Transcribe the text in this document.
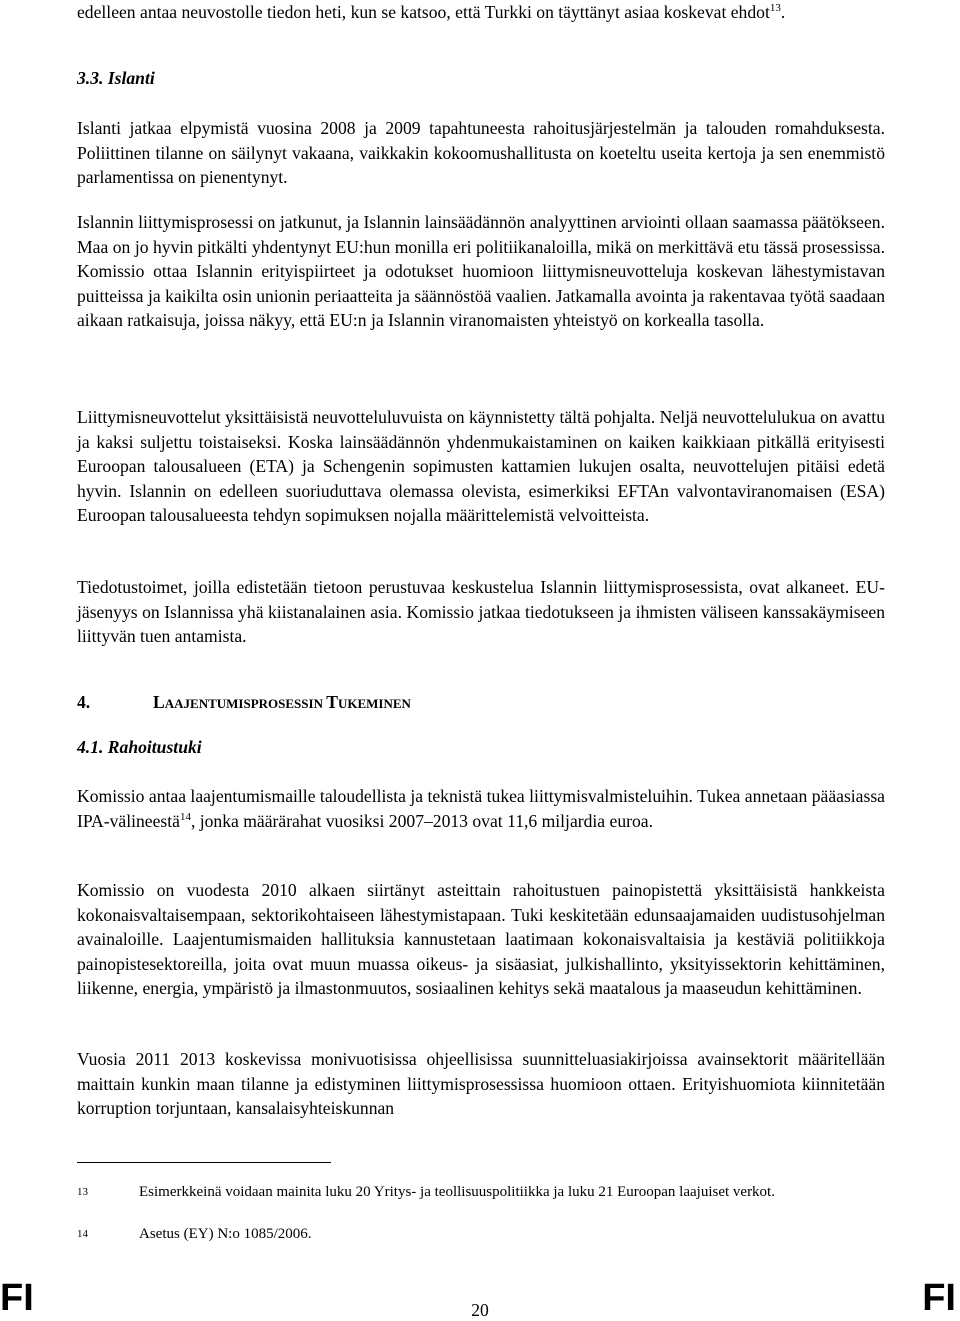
edelleen antaa neuvostolle tiedon heti, kun se katsoo, että Turkki on täyttänyt asiaa koskevat ehdot$^{13}$.

3.3. Islanti

Islanti jatkaa elpymistä vuosina 2008 ja 2009 tapahtuneesta rahoitusjärjestelmän ja talouden romahduksesta. Poliittinen tilanne on säilynyt vakaana, vaikkakin kokoomushallitusta on koeteltu useita kertoja ja sen enemmistö parlamentissa on pienentynyt.

Islannin liittymisprosessi on jatkunut, ja Islannin lainsäädännön analyyttinen arviointi ollaan saamassa päätökseen. Maa on jo hyvin pitkälti yhdentynyt EU:hun monilla eri politiikanaloilla, mikä on merkittävä etu tässä prosessissa. Komissio ottaa Islannin erityispiirteet ja odotukset huomioon liittymisneuvotteluja koskevan lähestymistavan puitteissa ja kaikilta osin unionin periaatteita ja säännöstöä vaalien. Jatkamalla avointa ja rakentavaa työtä saadaan aikaan ratkaisuja, joissa näkyy, että EU:n ja Islannin viranomaisten yhteistyö on korkealla tasolla.

Liittymisneuvottelut yksittäisistä neuvotteluluvuista on käynnistetty tältä pohjalta. Neljä neuvottelulukua on avattu ja kaksi suljettu toistaiseksi. Koska lainsäädännön yhdenmukaistaminen on kaiken kaikkiaan pitkällä erityisesti Euroopan talousalueen (ETA) ja Schengenin sopimusten kattamien lukujen osalta, neuvottelujen pitäisi edetä hyvin. Islannin on edelleen suoriuduttava olemassa olevista, esimerkiksi EFTAn valvontaviranomaisen (ESA) Euroopan talousalueesta tehdyn sopimuksen nojalla määrittelemistä velvoitteista.

Tiedotustoimet, joilla edistetään tietoon perustuvaa keskustelua Islannin liittymisprosessista, ovat alkaneet. EU-jäsenyys on Islannissa yhä kiistanalainen asia. Komissio jatkaa tiedotukseen ja ihmisten väliseen kanssakäymiseen liittyvän tuen antamista.

4.	LAAJENTUMISPROSESSIN TUKEMINEN

4.1. Rahoitustuki

Komissio antaa laajentumismaille taloudellista ja teknistä tukea liittymisvalmisteluihin. Tukea annetaan pääasiassa IPA-välineestä$^{14}$, jonka määrärahat vuosiksi 2007–2013 ovat 11,6 miljardia euroa.

Komissio on vuodesta 2010 alkaen siirtänyt asteittain rahoitustuen painopistettä yksittäisistä hankkeista kokonaisvaltaisempaan, sektorikohtaiseen lähestymistapaan. Tuki keskitetään edunsaajamaiden uudistusohjelman avainaloille. Laajentumismaiden hallituksia kannustetaan laatimaan kokonaisvaltaisia ja kestäviä politiikkoja painopistesektoreilla, joita ovat muun muassa oikeus- ja sisäasiat, julkishallinto, yksityissektorin kehittäminen, liikenne, energia, ympäristö ja ilmastonmuutos, sosiaalinen kehitys sekä maatalous ja maaseudun kehittäminen.

Vuosia 2011 2013 koskevissa monivuotisissa ohjeellisissa suunnitteluasiakirjoissa avainsektorit määritellään maittain kunkin maan tilanne ja edistyminen liittymisprosessissa huomioon ottaen. Erityishuomiota kiinnitetään korruption torjuntaan, kansalaisyhteiskunnan

13	Esimerkkeinä voidaan mainita luku 20 Yritys- ja teollisuuspolitiikka ja luku 21 Euroopan laajuiset verkot.
14	Asetus (EY) N:o 1085/2006.
FI	20	FI
